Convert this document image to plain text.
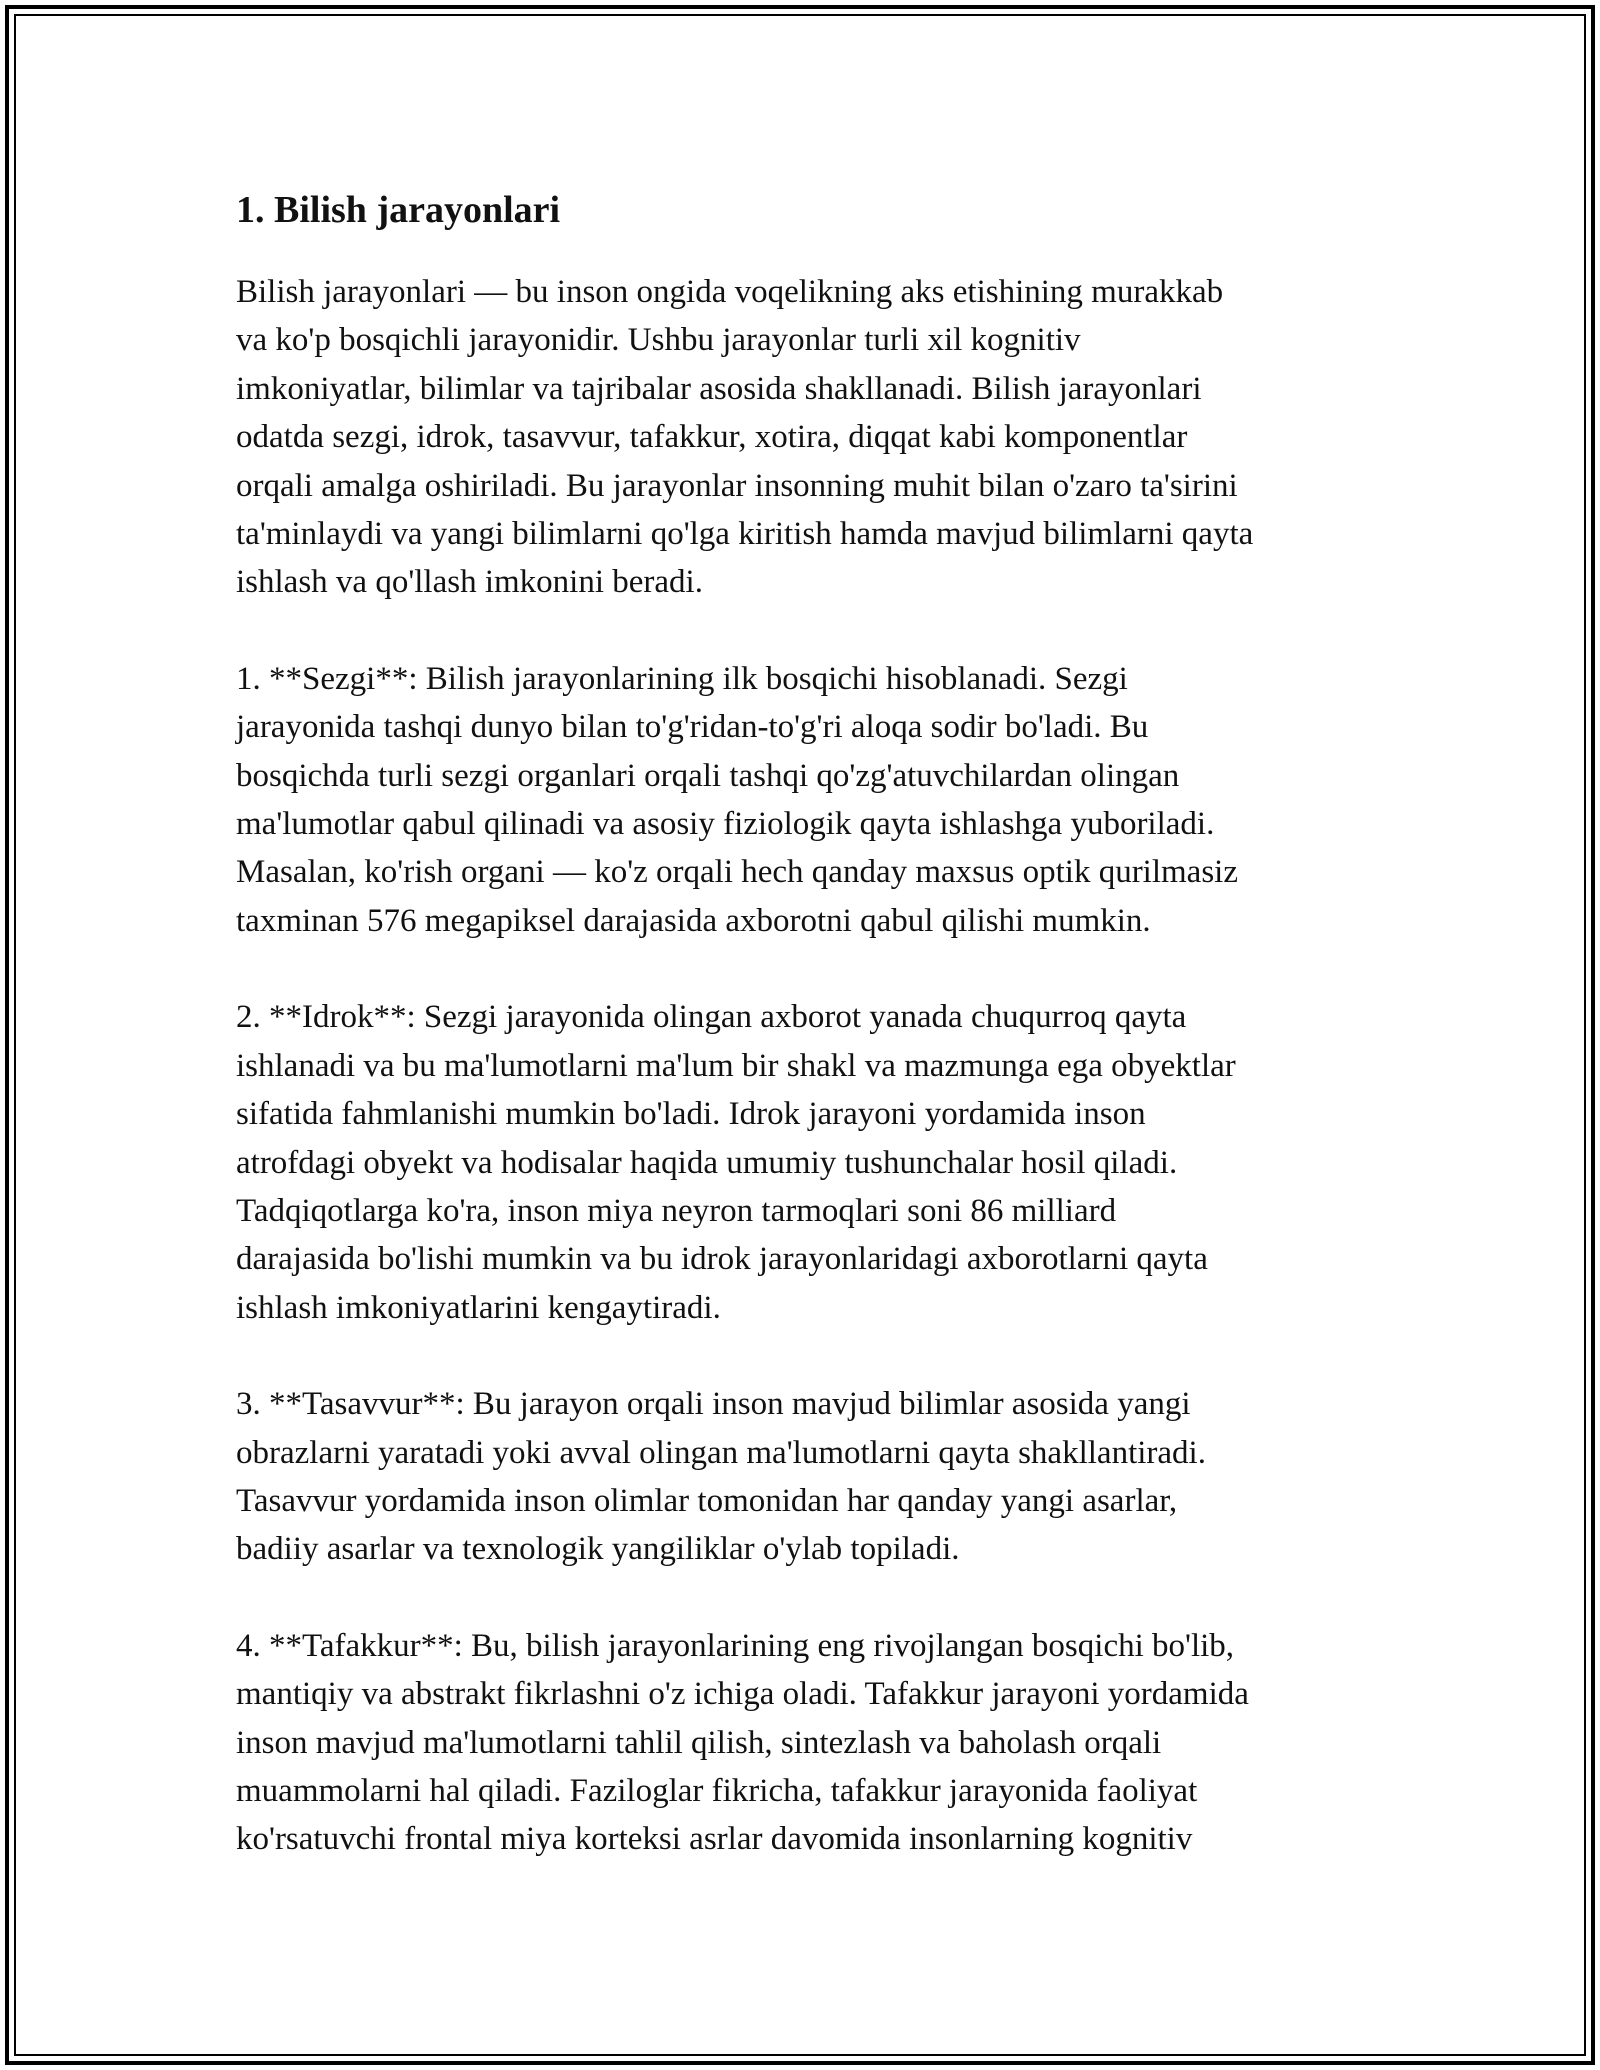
1. Bilish jarayonlari

Bilish jarayonlari — bu inson ongida voqelikning aks etishining murakkab
va ko'p bosqichli jarayonidir. Ushbu jarayonlar turli xil kognitiv
imkoniyatlar, bilimlar va tajribalar asosida shakllanadi. Bilish jarayonlari
odatda sezgi, idrok, tasavvur, tafakkur, xotira, diqqat kabi komponentlar
orqali amalga oshiriladi. Bu jarayonlar insonning muhit bilan o'zaro ta'sirini
ta'minlaydi va yangi bilimlarni qo'lga kiritish hamda mavjud bilimlarni qayta
ishlash va qo'llash imkonini beradi.

1. **Sezgi**: Bilish jarayonlarining ilk bosqichi hisoblanadi. Sezgi
jarayonida tashqi dunyo bilan to'g'ridan-to'g'ri aloqa sodir bo'ladi. Bu
bosqichda turli sezgi organlari orqali tashqi qo'zg'atuvchilardan olingan
ma'lumotlar qabul qilinadi va asosiy fiziologik qayta ishlashga yuboriladi.
Masalan, ko'rish organi — ko'z orqali hech qanday maxsus optik qurilmasiz
taxminan 576 megapiksel darajasida axborotni qabul qilishi mumkin.

2. **Idrok**: Sezgi jarayonida olingan axborot yanada chuqurroq qayta
ishlanadi va bu ma'lumotlarni ma'lum bir shakl va mazmunga ega obyektlar
sifatida fahmlanishi mumkin bo'ladi. Idrok jarayoni yordamida inson
atrofdagi obyekt va hodisalar haqida umumiy tushunchalar hosil qiladi.
Tadqiqotlarga ko'ra, inson miya neyron tarmoqlari soni 86 milliard
darajasida bo'lishi mumkin va bu idrok jarayonlaridagi axborotlarni qayta
ishlash imkoniyatlarini kengaytiradi.

3. **Tasavvur**: Bu jarayon orqali inson mavjud bilimlar asosida yangi
obrazlarni yaratadi yoki avval olingan ma'lumotlarni qayta shakllantiradi.
Tasavvur yordamida inson olimlar tomonidan har qanday yangi asarlar,
badiiy asarlar va texnologik yangiliklar o'ylab topiladi.

4. **Tafakkur**: Bu, bilish jarayonlarining eng rivojlangan bosqichi bo'lib,
mantiqiy va abstrakt fikrlashni o'z ichiga oladi. Tafakkur jarayoni yordamida
inson mavjud ma'lumotlarni tahlil qilish, sintezlash va baholash orqali
muammolarni hal qiladi. Faziloglar fikricha, tafakkur jarayonida faoliyat
ko'rsatuvchi frontal miya korteksi asrlar davomida insonlarning kognitiv
